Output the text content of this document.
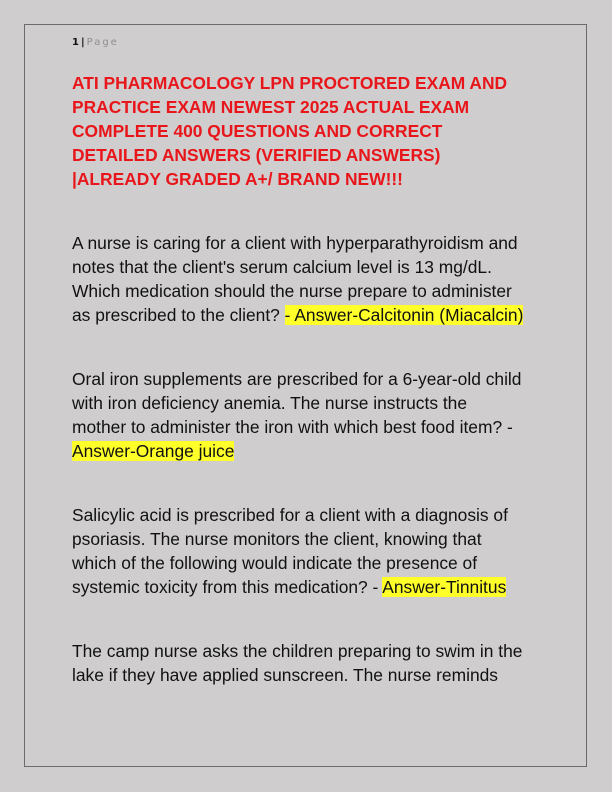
1 | Page
ATI PHARMACOLOGY LPN PROCTORED EXAM AND
PRACTICE EXAM NEWEST 2025 ACTUAL EXAM
COMPLETE 400 QUESTIONS AND CORRECT
DETAILED ANSWERS (VERIFIED ANSWERS)
|ALREADY GRADED A+/ BRAND NEW!!!
A nurse is caring for a client with hyperparathyroidism and
notes that the client's serum calcium level is 13 mg/dL.
Which medication should the nurse prepare to administer
as prescribed to the client? - Answer-Calcitonin (Miacalcin)
Oral iron supplements are prescribed for a 6-year-old child
with iron deficiency anemia. The nurse instructs the
mother to administer the iron with which best food item? -
Answer-Orange juice
Salicylic acid is prescribed for a client with a diagnosis of
psoriasis. The nurse monitors the client, knowing that
which of the following would indicate the presence of
systemic toxicity from this medication? - Answer-Tinnitus
The camp nurse asks the children preparing to swim in the
lake if they have applied sunscreen. The nurse reminds
